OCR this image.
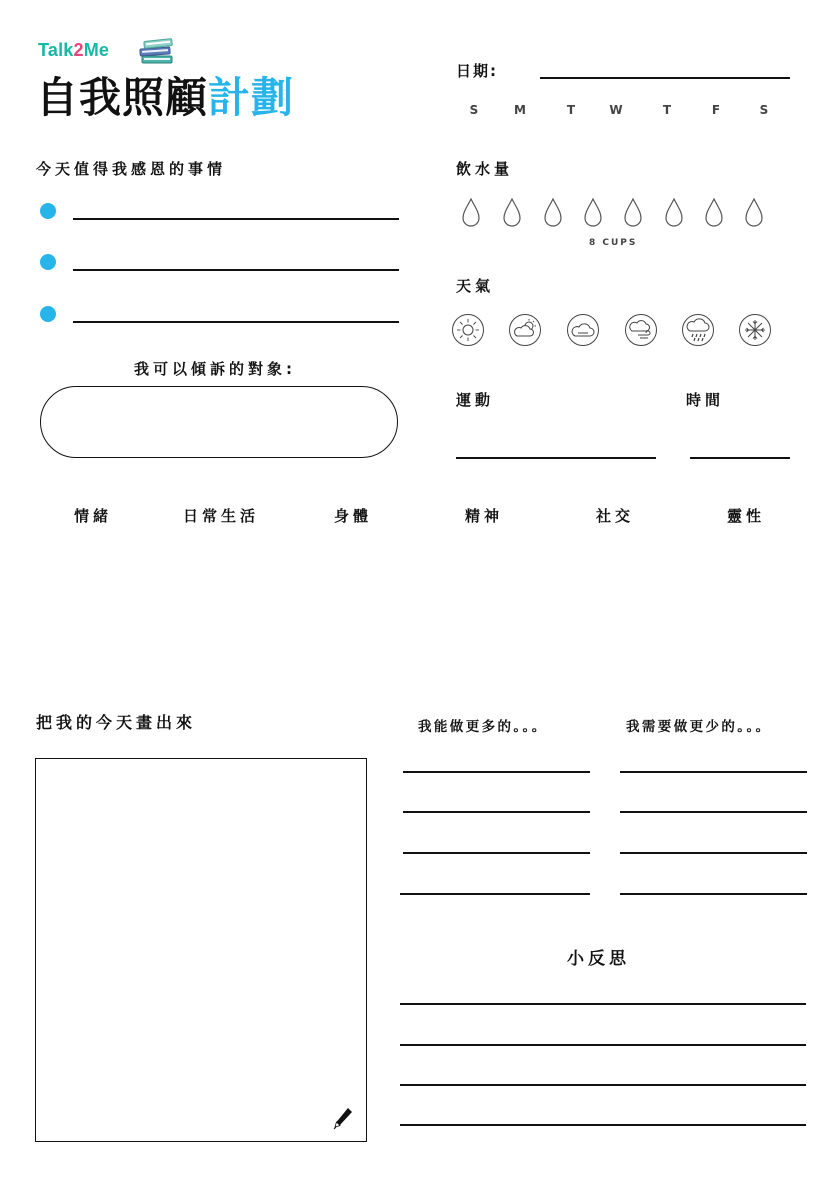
Talk2Me
自我照顧計劃
今天值得我感恩的事情
我可以傾訴的對象:
日期:
S	M	T	W	T	F	S
飲水量
8 CUPS
天氣
運動	時間
情緒	日常生活	身體	精神	社交	靈性
把我的今天畫出來	我能做更多的。。。	我需要做更少的。。。
小反思
